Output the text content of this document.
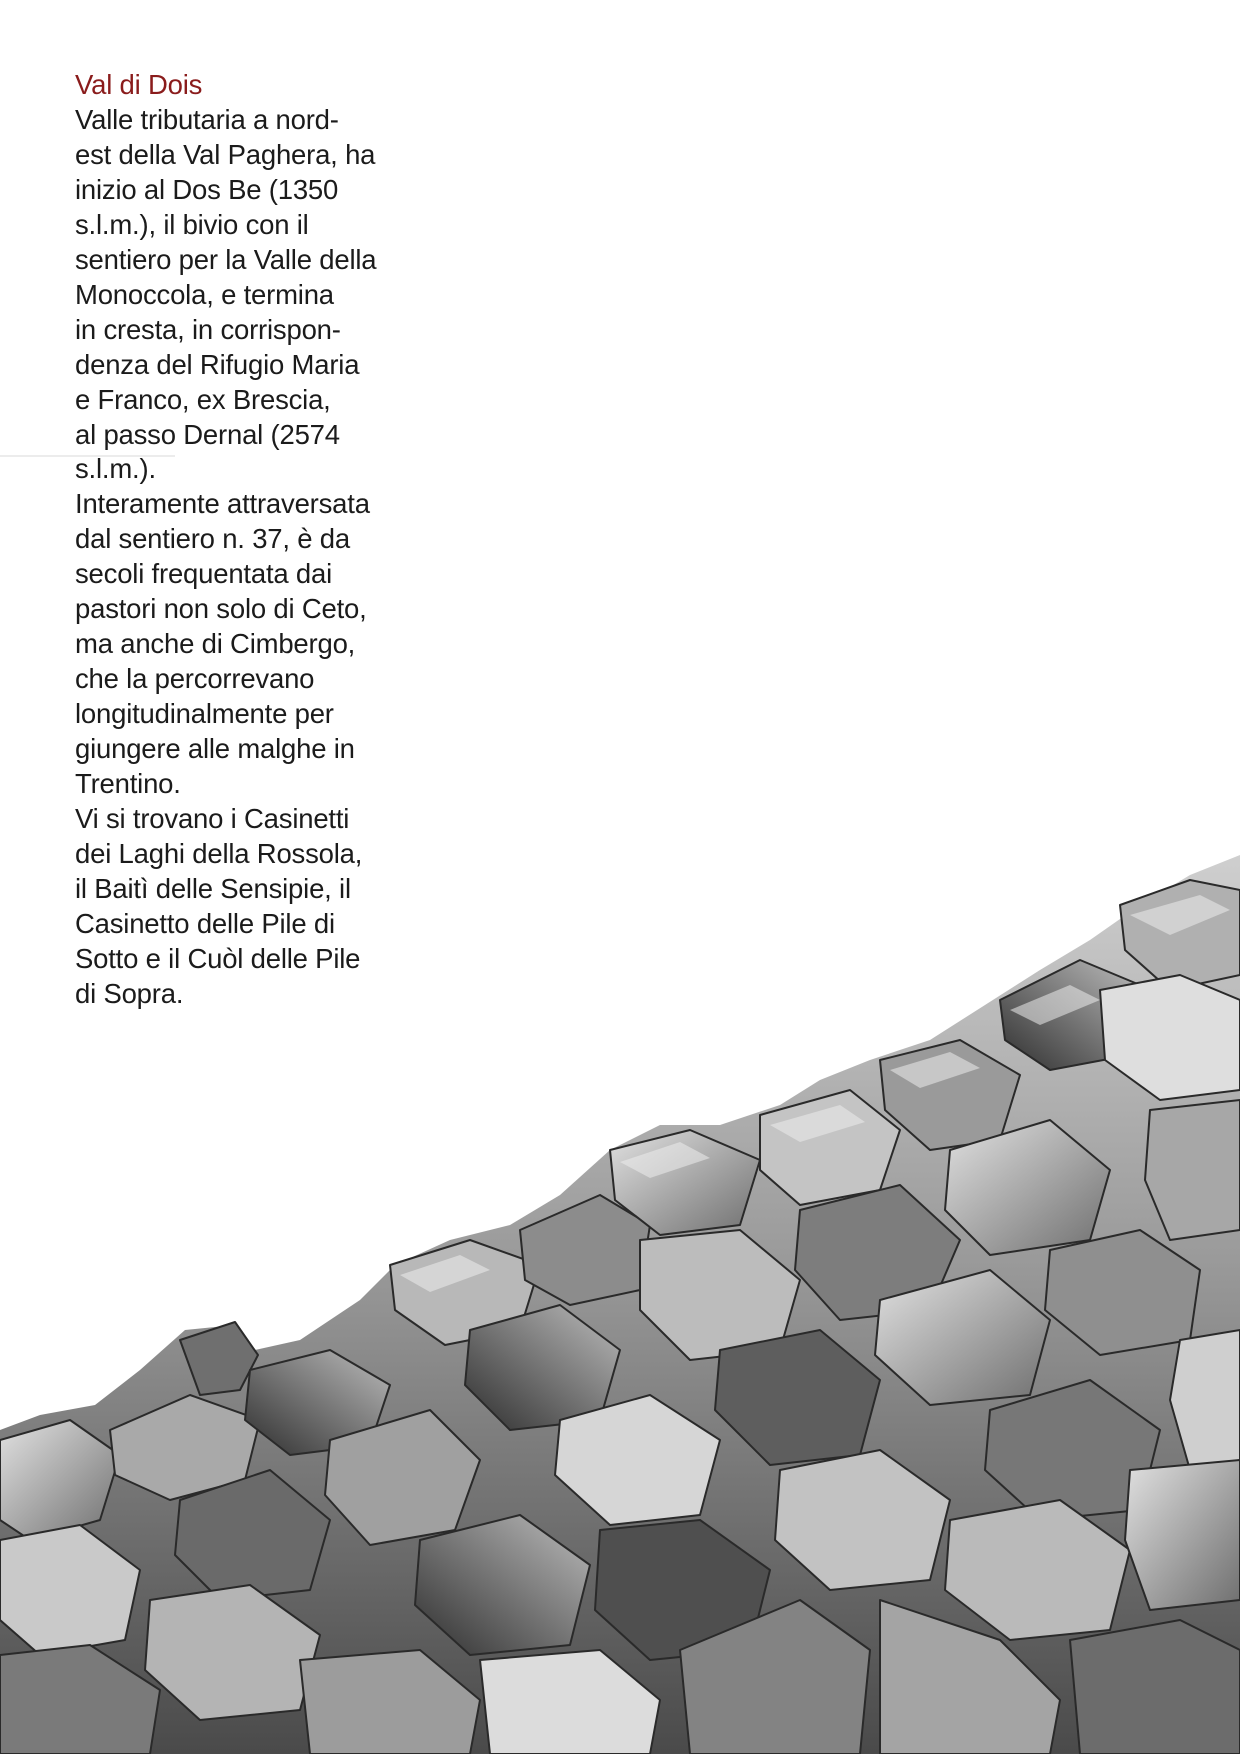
Val di Dois
Valle tributaria a nord-
est della Val Paghera, ha
inizio al Dos Be (1350
s.l.m.), il bivio con il
sentiero per la Valle della
Monoccola, e termina
in cresta, in corrispon-
denza del Rifugio Maria
e Franco, ex Brescia,
al passo Dernal (2574
s.l.m.).
Interamente attraversata
dal sentiero n. 37, è da
secoli frequentata dai
pastori non solo di Ceto,
ma anche di Cimbergo,
che la percorrevano
longitudinalmente per
giungere alle malghe in
Trentino.
Vi si trovano i Casinetti
dei Laghi della Rossola,
il Baitì delle Sensipie, il
Casinetto delle Pile di
Sotto e il Cuòl delle Pile
di Sopra.
